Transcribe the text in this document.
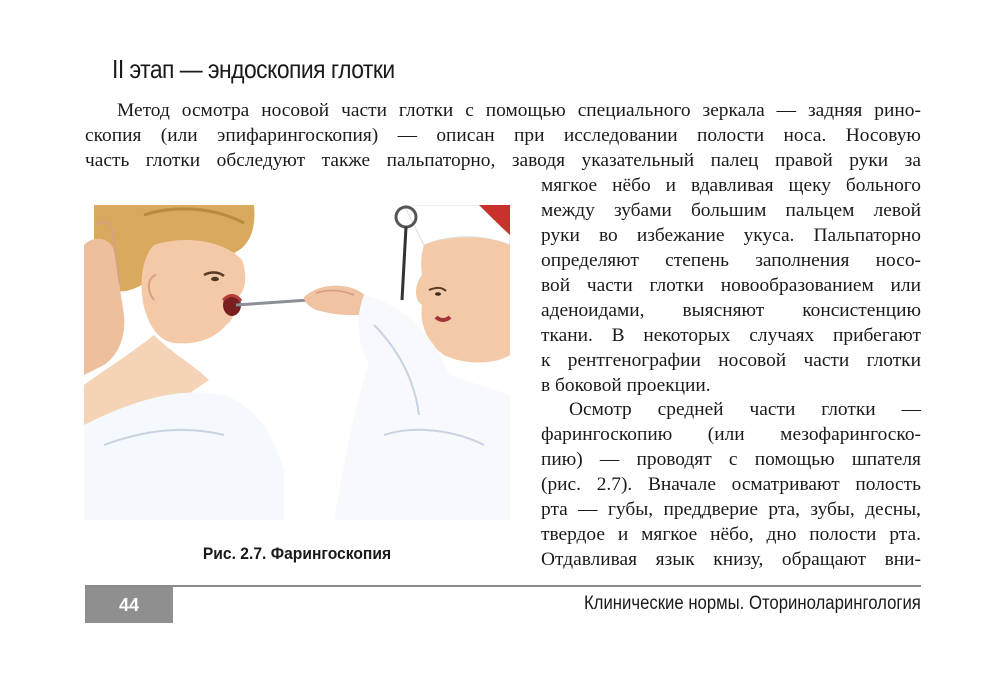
II этап — эндоскопия глотки
Метод осмотра носовой части глотки с помощью специального зеркала — задняя рино-
скопия (или эпифарингоскопия) — описан при исследовании полости носа. Носовую
часть глотки обследуют также пальпаторно, заводя указательный палец правой руки за
мягкое нёбо и вдавливая щеку больного
между зубами большим пальцем левой
руки во избежание укуса. Пальпаторно
определяют степень заполнения носо-
вой части глотки новообразованием или
аденоидами, выясняют консистенцию
ткани. В некоторых случаях прибегают
к рентгенографии носовой части глотки
в боковой проекции.
Осмотр средней части глотки —
фарингоскопию (или мезофарингоско-
пию) — проводят с помощью шпателя
(рис. 2.7). Вначале осматривают полость
рта — губы, преддверие рта, зубы, десны,
твердое и мягкое нёбо, дно полости рта.
Отдавливая язык книзу, обращают вни-
Рис. 2.7. Фарингоскопия
44	Клинические нормы. Оториноларингология
